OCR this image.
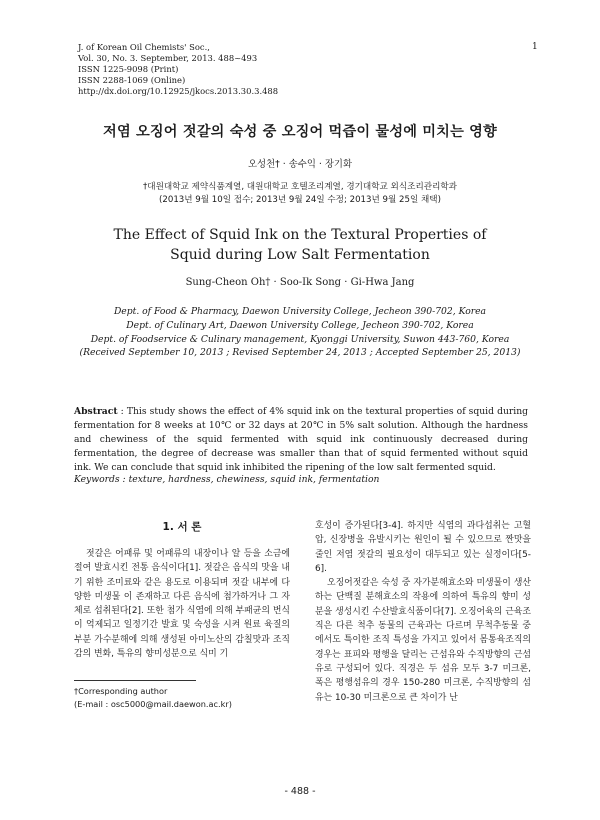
J. of Korean Oil Chemists' Soc.,
Vol. 30, No. 3. September, 2013. 488~493
ISSN 1225-9098 (Print)
ISSN 2288-1069 (Online)
http://dx.doi.org/10.12925/jkocs.2013.30.3.488
1
저염 오징어 젓갈의 숙성 중 오징어 먹즙이 물성에 미치는 영향
오성천† · 송수익 · 장기화
†대원대학교 제약식품계열, 대원대학교 호텔조리계열, 경기대학교 외식조리관리학과
(2013년 9월 10일 접수; 2013년 9월 24일 수정; 2013년 9월 25일 채택)
The Effect of Squid Ink on the Textural Properties of
Squid during Low Salt Fermentation
Sung-Cheon Oh† · Soo-Ik Song · Gi-Hwa Jang
Dept. of Food & Pharmacy, Daewon University College, Jecheon 390-702, Korea
Dept. of Culinary Art, Daewon University College, Jecheon 390-702, Korea
Dept. of Foodservice & Culinary management, Kyonggi University, Suwon 443-760, Korea
(Received September 10, 2013 ; Revised September 24, 2013 ; Accepted September 25, 2013)
Abstract : This study shows the effect of 4% squid ink on the textural properties of squid during fermentation for 8 weeks at 10℃ or 32 days at 20℃ in 5% salt solution. Although the hardness and chewiness of the squid fermented with squid ink continuously decreased during fermentation, the degree of decrease was smaller than that of squid fermented without squid ink. We can conclude that squid ink inhibited the ripening of the low salt fermented squid.
Keywords : texture, hardness, chewiness, squid ink, fermentation
1. 서 론

젓갈은 어패류 및 어패류의 내장이나 알 등을 소금에 절여 발효시킨 전통 음식이다[1]. 젓갈은 음식의 맛을 내기 위한 조미료와 같은 용도로 이용되며 젓갈 내부에 다양한 미생물 이 존재하고 다른 음식에 첨가하거나 그 자체로 섭취된다[2]. 또한 첨가 식염에 의해 부패균의 번식이 억제되고 일정기간 발효 및 숙성을 시켜 원료 육질의 부분 가수분해에 의해 생성된 아미노산의 감칠맛과 조직감의 변화, 특유의 향미성분으로 식미 기

호성이 증가된다[3-4]. 하지만 식염의 과다섭취는 고혈압, 신장병을 유발시키는 원인이 될 수 있으므로 짠맛을 줄인 저염 젓갈의 필요성이 대두되고 있는 실정이다[5-6].

오징어젓갈은 숙성 중 자가분해효소와 미생물이 생산하는 단백질 분해효소의 작용에 의하여 특유의 향미 성분을 생성시킨 수산발효식품이다[7]. 오징어육의 근육조직은 다른 척추 동물의 근육과는 다르며 무척추동물 중에서도 특이한 조직 특성을 가지고 있어서 몸통육조직의 경우는 표피와 평행을 달리는 근섬유와 수직방향의 근섬유로 구성되어 있다. 직경은 두 섬유 모두 3-7 미크론, 폭은 평행섬유의 경우 150-280 미크론, 수직방향의 섬유는 10-30 미크론으로 큰 차이가 난

†Corresponding author
(E-mail : osc5000@mail.daewon.ac.kr)
- 488 -
